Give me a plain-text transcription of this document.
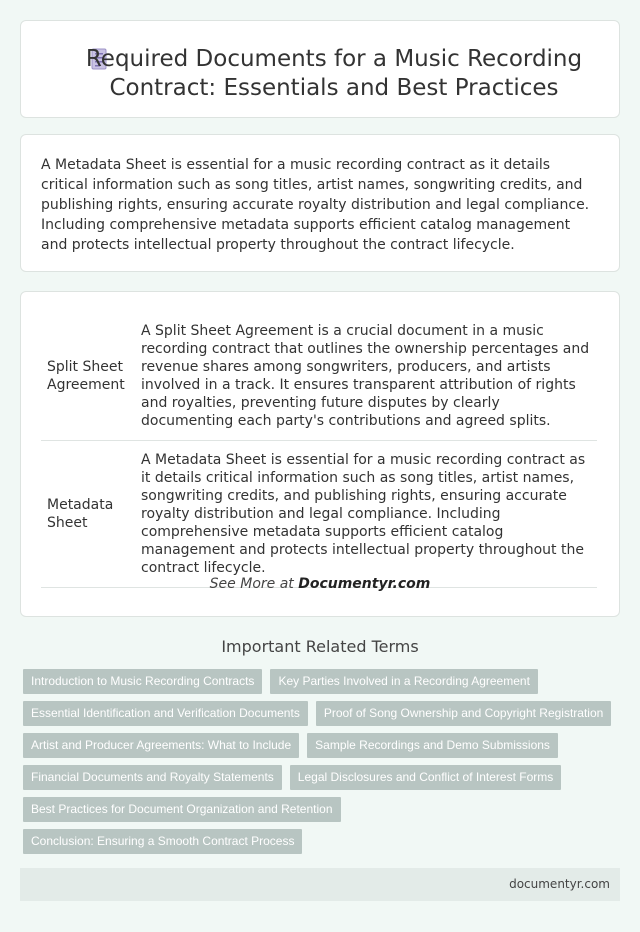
Required Documents for a Music Recording Contract: Essentials and Best Practices

A Metadata Sheet is essential for a music recording contract as it details critical information such as song titles, artist names, songwriting credits, and publishing rights, ensuring accurate royalty distribution and legal compliance. Including comprehensive metadata supports efficient catalog management and protects intellectual property throughout the contract lifecycle.

Split Sheet Agreement	A Split Sheet Agreement is a crucial document in a music recording contract that outlines the ownership percentages and revenue shares among songwriters, producers, and artists involved in a track. It ensures transparent attribution of rights and royalties, preventing future disputes by clearly documenting each party's contributions and agreed splits.
Metadata Sheet	A Metadata Sheet is essential for a music recording contract as it details critical information such as song titles, artist names, songwriting credits, and publishing rights, ensuring accurate royalty distribution and legal compliance. Including comprehensive metadata supports efficient catalog management and protects intellectual property throughout the contract lifecycle.
See More at Documentyr.com
Important Related Terms
Introduction to Music Recording Contracts	Key Parties Involved in a Recording Agreement
Essential Identification and Verification Documents	Proof of Song Ownership and Copyright Registration
Artist and Producer Agreements: What to Include	Sample Recordings and Demo Submissions
Financial Documents and Royalty Statements	Legal Disclosures and Conflict of Interest Forms
Best Practices for Document Organization and Retention
Conclusion: Ensuring a Smooth Contract Process
documentyr.com
